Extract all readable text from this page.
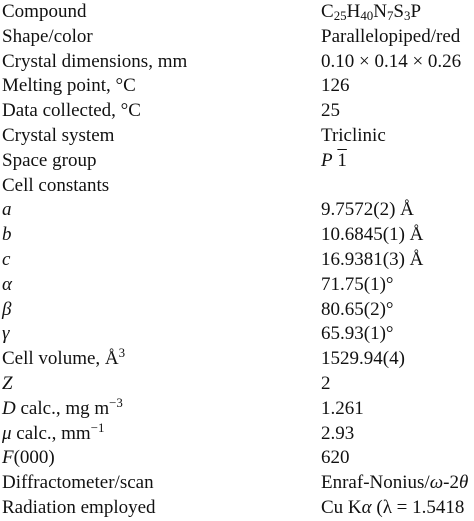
Compound	$C_{25}H_{40}N_7S_3P$
Shape/color	Parallelopiped/red
Crystal dimensions, mm	0.10 × 0.14 × 0.26
Melting point, °C	126
Data collected, °C	25
Crystal system	Triclinic
Space group	P 1
Cell constants
a	9.7572(2) Å
b	10.6845(1) Å
c	16.9381(3) Å
α	71.75(1)°
β	80.65(2)°
γ	65.93(1)°
Cell volume, $Å^3$	1529.94(4)
Z	2
D calc., mg $m^{-3}$	1.261
μ calc., $mm^{-1}$	2.93
F(000)	620
Diffractometer/scan	Enraf-Nonius/ω-2θ
Radiation employed	Cu Kα (λ = 1.5418
